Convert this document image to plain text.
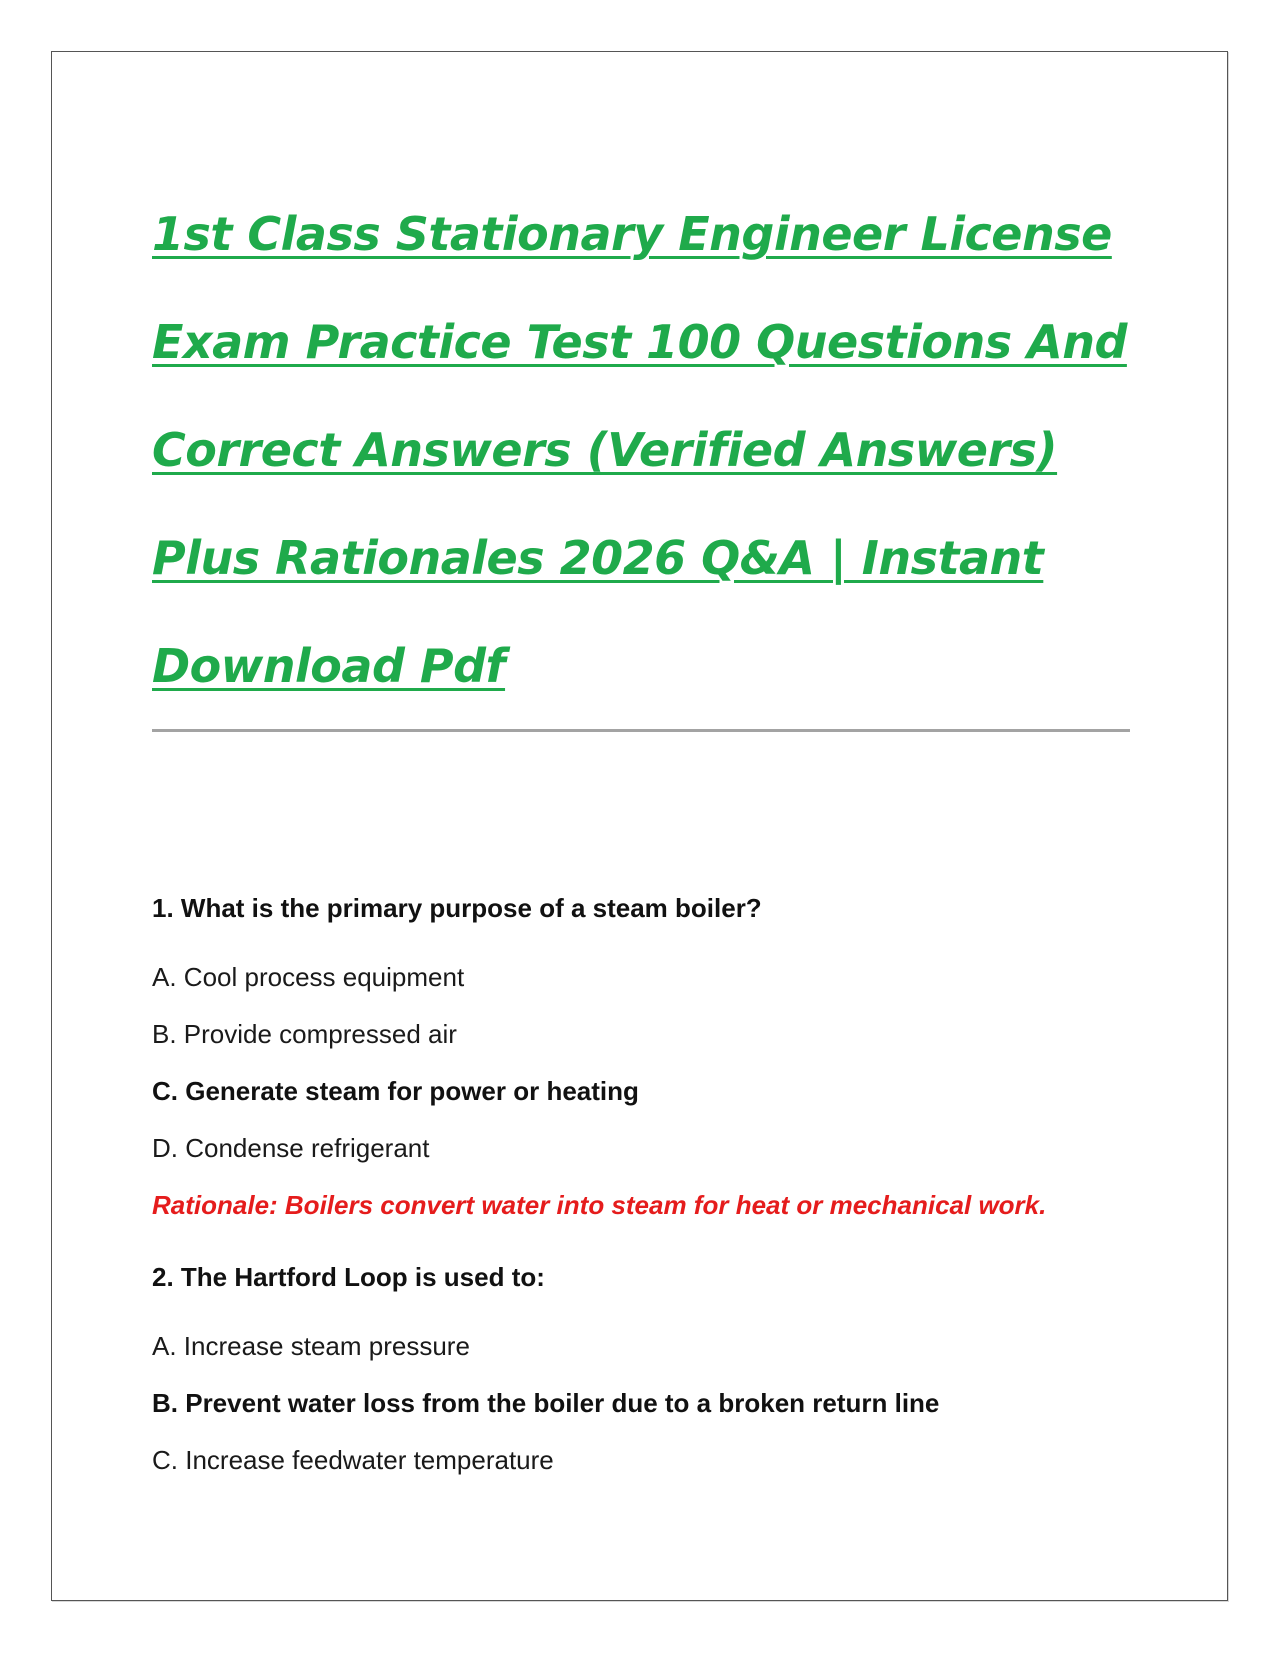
1st Class Stationary Engineer License Exam Practice Test 100 Questions And Correct Answers (Verified Answers) Plus Rationales 2026 Q&A | Instant Download Pdf

1. What is the primary purpose of a steam boiler?

A. Cool process equipment
B. Provide compressed air
C. Generate steam for power or heating
D. Condense refrigerant

Rationale: Boilers convert water into steam for heat or mechanical work.

2. The Hartford Loop is used to:

A. Increase steam pressure
B. Prevent water loss from the boiler due to a broken return line
C. Increase feedwater temperature
